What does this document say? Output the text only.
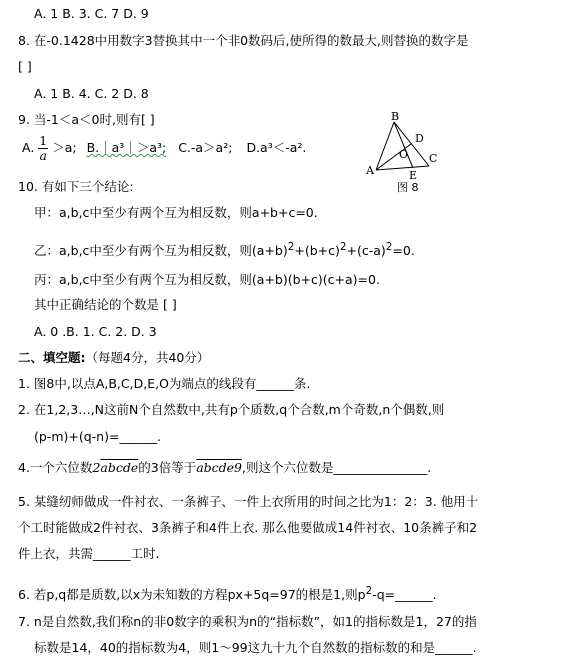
A. 1 B. 3. C. 7 D. 9
8. 在-0.1428中用数字3替换其中一个非0数码后,使所得的数最大,则替换的数字是
[ ]
A. 1 B. 4. C. 2 D. 8
9. 当-1＜a＜0时,则有[ ]
A. $\frac{1}{a} >a$; B.｜a³｜＞a³; C.-a＞a²; D.a³＜-a².
B
D
O
A	E
C
图 8
10. 有如下三个结论:
甲：a,b,c中至少有两个互为相反数，则a+b+c=0.
乙：a,b,c中至少有两个互为相反数，则$(a+b)^2+(b+c)^2+(c-a)^2=0$.
丙：a,b,c中至少有两个互为相反数，则(a+b)(b+c)(c+a)=0.
其中正确结论的个数是 [ ]
A. 0 .B. 1. C. 2. D. 3
二、填空题:（每题4分，共40分）
1. 图8中,以点A,B,C,D,E,O为端点的线段有______条.
2. 在1,2,3…,N这前N个自然数中,共有p个质数,q个合数,m个奇数,n个偶数,则
(p-m)+(q-n)=______.
4.一个六位数2abcde的3倍等于abcde9,则这个六位数是_______________.
5. 某缝纫师做成一件衬衣、一条裤子、一件上衣所用的时间之比为1：2：3. 他用十
个工时能做成2件衬衣、3条裤子和4件上衣. 那么他要做成14件衬衣、10条裤子和2
件上衣，共需______工时.
6. 若p,q都是质数,以x为未知数的方程px+5q=97的根是1,则$p^2-q=\_\_\_\_\_\_$.
7. n是自然数,我们称n的非0数字的乘积为n的“指标数”，如1的指标数是1，27的指
标数是14，40的指标数为4，则1～99这九十九个自然数的指标数的和是______.
